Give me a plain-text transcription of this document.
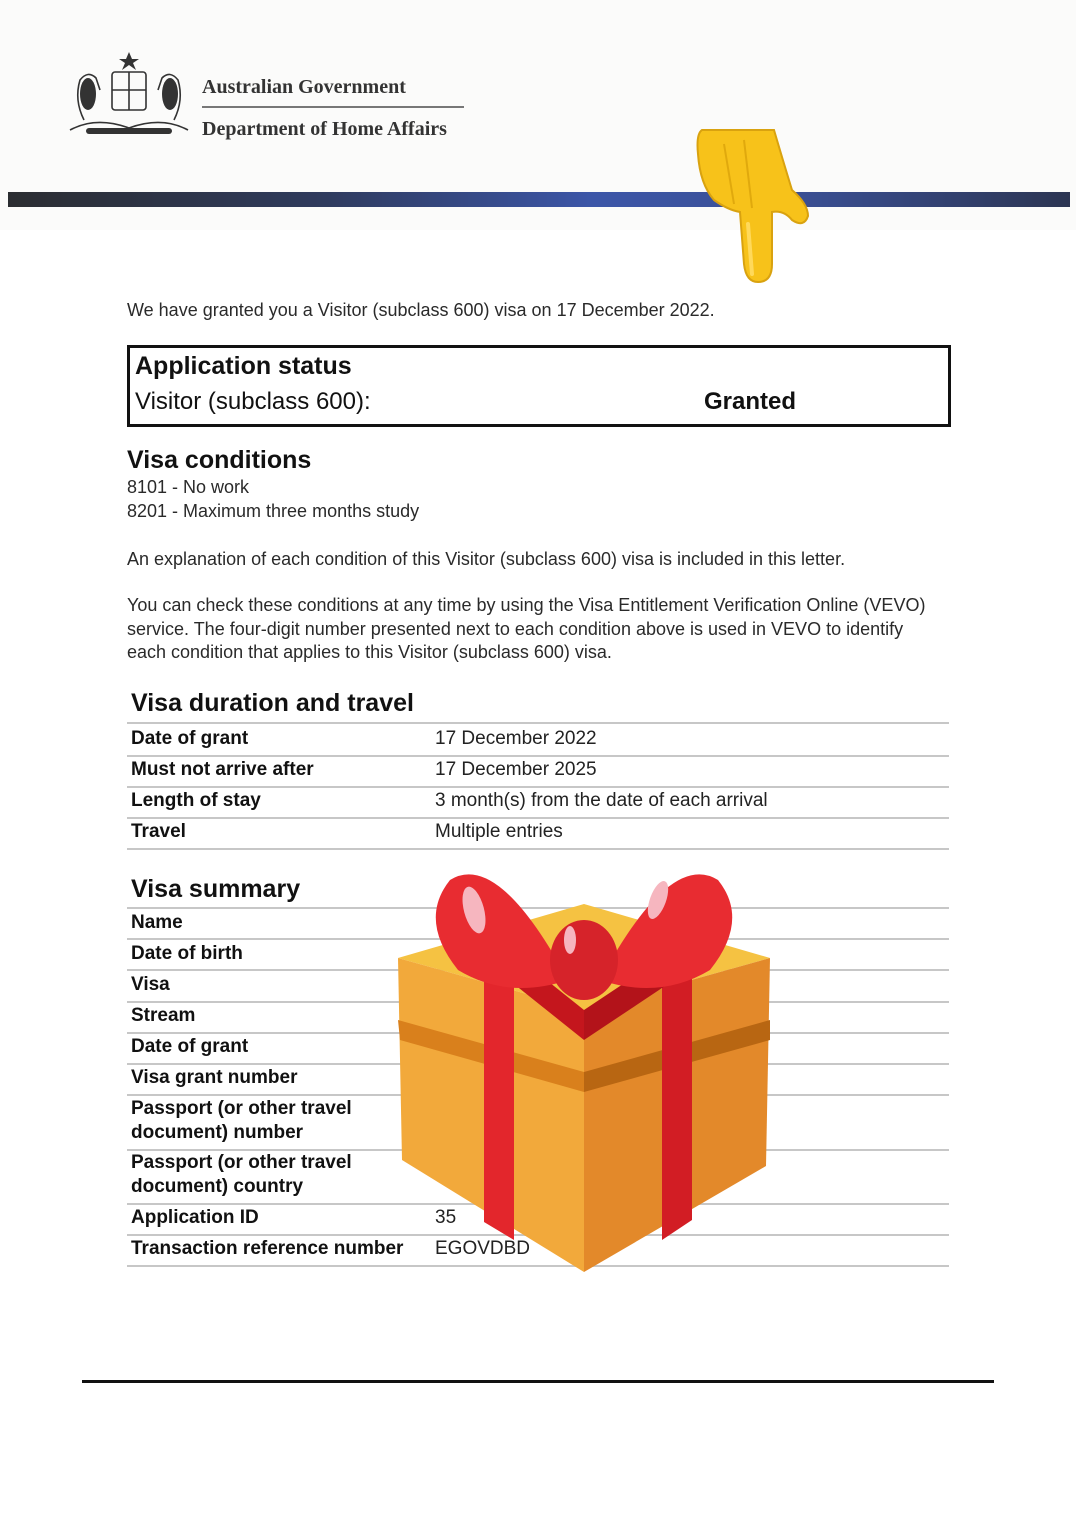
Australian Government
Department of Home Affairs
We have granted you a Visitor (subclass 600) visa on 17 December 2022.
Application status
Visitor (subclass 600):	Granted
Visa conditions
8101 - No work
8201 - Maximum three months study
An explanation of each condition of this Visitor (subclass 600) visa is included in this letter.
You can check these conditions at any time by using the Visa Entitlement Verification Online (VEVO) service. The four-digit number presented next to each condition above is used in VEVO to identify each condition that applies to this Visitor (subclass 600) visa.
Visa duration and travel
Date of grant	17 December 2022
Must not arrive after	17 December 2025
Length of stay	3 month(s) from the date of each arrival
Travel	Multiple entries
Visa summary
Name
Date of birth
Visa
Stream
Date of grant
Visa grant number
Passport (or other travel document) number
Passport (or other travel document) country
Application ID	35
Transaction reference number	EGOVDBD
